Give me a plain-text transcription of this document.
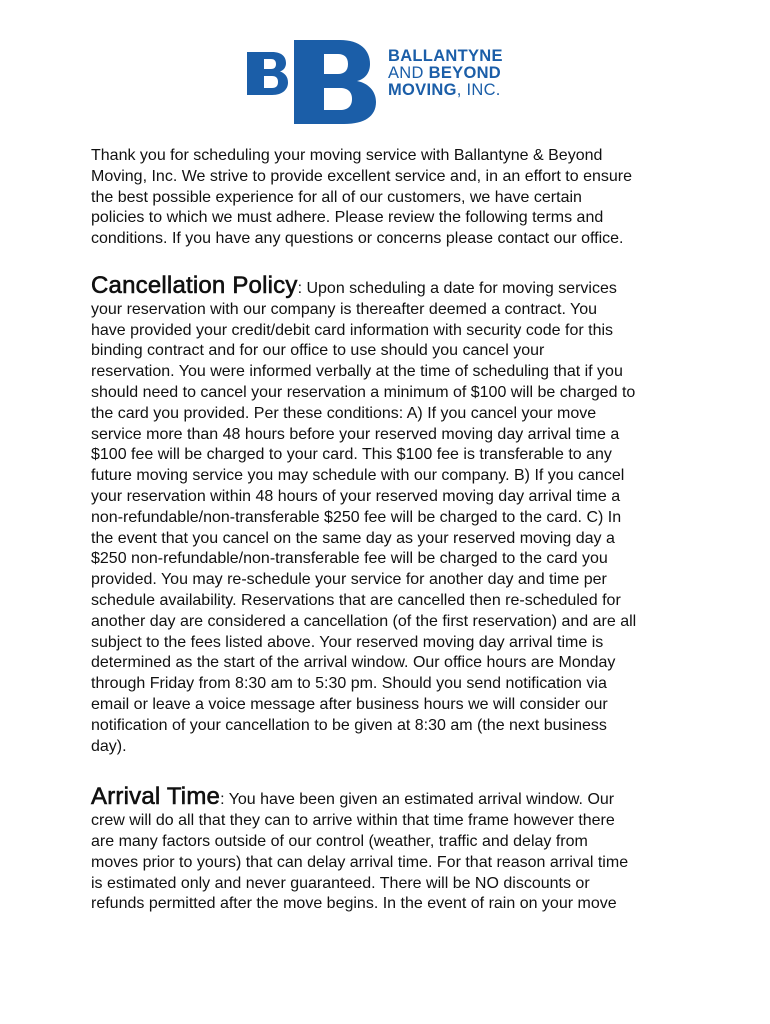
BALLANTYNE
AND BEYOND
MOVING, INC.

Thank you for scheduling your moving service with Ballantyne & Beyond
Moving, Inc. We strive to provide excellent service and, in an effort to ensure
the best possible experience for all of our customers, we have certain
policies to which we must adhere. Please review the following terms and
conditions. If you have any questions or concerns please contact our office.

Cancellation Policy: Upon scheduling a date for moving services
your reservation with our company is thereafter deemed a contract. You
have provided your credit/debit card information with security code for this
binding contract and for our office to use should you cancel your
reservation. You were informed verbally at the time of scheduling that if you
should need to cancel your reservation a minimum of $100 will be charged to
the card you provided. Per these conditions: A) If you cancel your move
service more than 48 hours before your reserved moving day arrival time a
$100 fee will be charged to your card. This $100 fee is transferable to any
future moving service you may schedule with our company. B) If you cancel
your reservation within 48 hours of your reserved moving day arrival time a
non-refundable/non-transferable $250 fee will be charged to the card. C) In
the event that you cancel on the same day as your reserved moving day a
$250 non-refundable/non-transferable fee will be charged to the card you
provided. You may re-schedule your service for another day and time per
schedule availability. Reservations that are cancelled then re-scheduled for
another day are considered a cancellation (of the first reservation) and are all
subject to the fees listed above. Your reserved moving day arrival time is
determined as the start of the arrival window. Our office hours are Monday
through Friday from 8:30 am to 5:30 pm. Should you send notification via
email or leave a voice message after business hours we will consider our
notification of your cancellation to be given at 8:30 am (the next business
day).
Arrival Time: You have been given an estimated arrival window. Our
crew will do all that they can to arrive within that time frame however there
are many factors outside of our control (weather, traffic and delay from
moves prior to yours) that can delay arrival time. For that reason arrival time
is estimated only and never guaranteed. There will be NO discounts or
refunds permitted after the move begins. In the event of rain on your move
